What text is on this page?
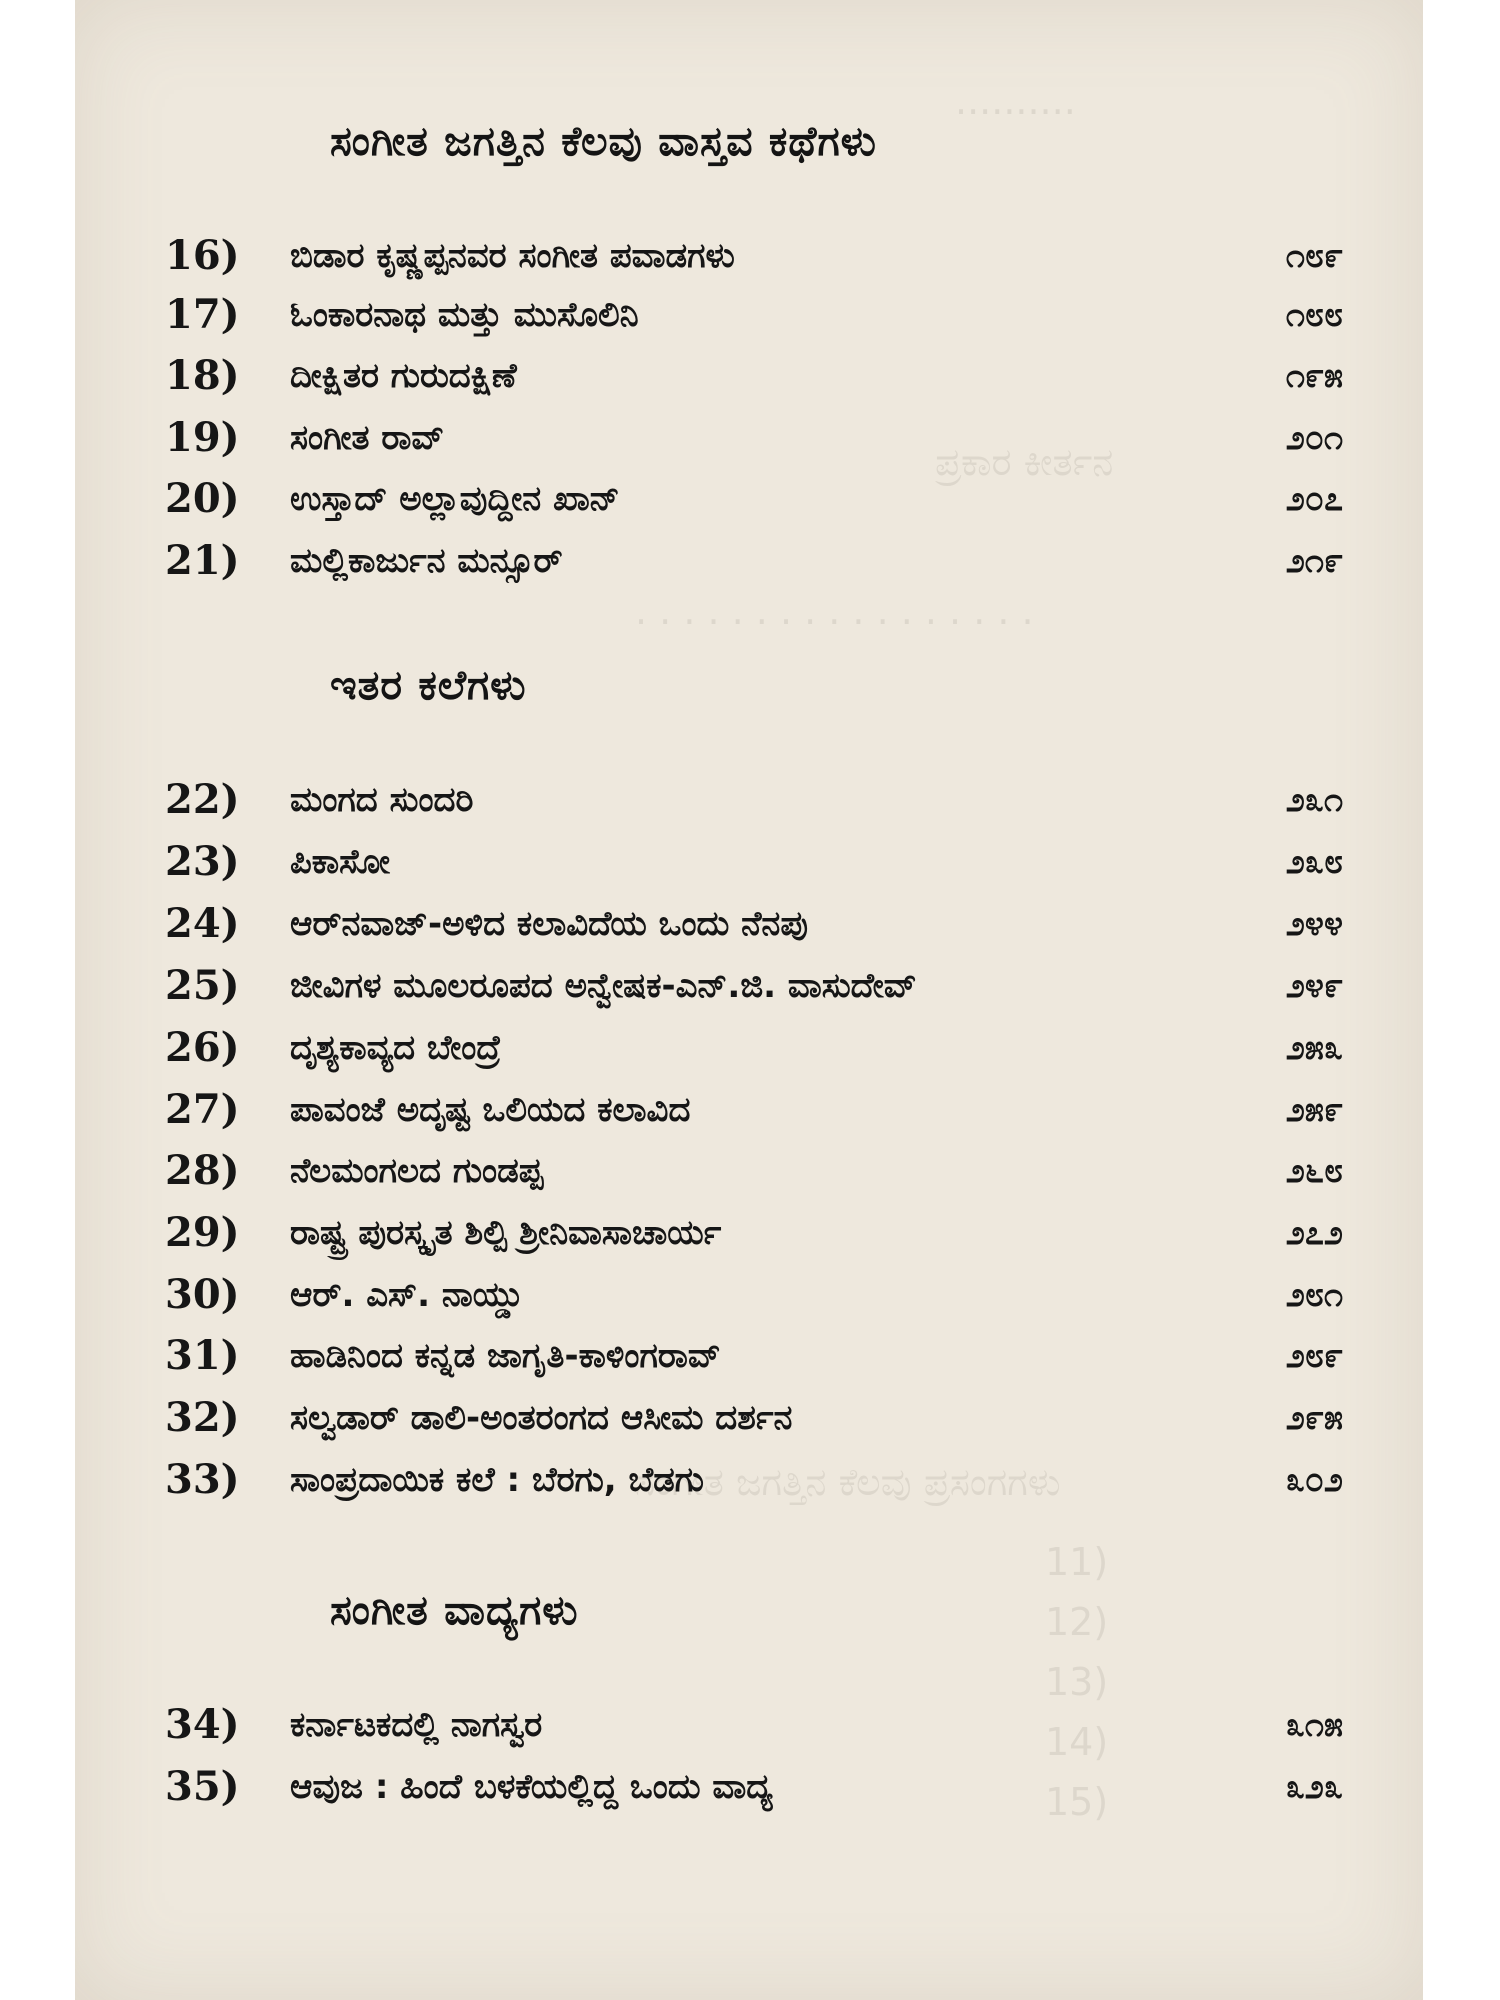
··········
ಪ್ರಕಾರ ಕೀರ್ತನ
· · · · · · · · · · · · · · · · ·
ಸಂಗೀತ ಜಗತ್ತಿನ ಕೆಲವು ಪ್ರಸಂಗಗಳು
11)
12)
13)
14)
15)
ಸಂಗೀತ ಜಗತ್ತಿನ ಕೆಲವು ವಾಸ್ತವ ಕಥೆಗಳು
16)	ಬಿಡಾರ ಕೃಷ್ಣಪ್ಪನವರ ಸಂಗೀತ ಪವಾಡಗಳು	೧೮೯
17)	ಓಂಕಾರನಾಥ ಮತ್ತು ಮುಸೊಲಿನಿ	೧೮೮
18)	ದೀಕ್ಷಿತರ ಗುರುದಕ್ಷಿಣೆ	೧೯೫
19)	ಸಂಗೀತ ರಾವ್	೨೦೧
20)	ಉಸ್ತಾದ್ ಅಲ್ಲಾವುದ್ದೀನ ಖಾನ್	೨೦೭
21)	ಮಲ್ಲಿಕಾರ್ಜುನ ಮನ್ಸೂರ್	೨೧೯
ಇತರ ಕಲೆಗಳು
22)	ಮಂಗದ ಸುಂದರಿ	೨೩೧
23)	ಪಿಕಾಸೋ	೨೩೮
24)	ಆರ್‌ನವಾಜ್-ಅಳಿದ ಕಲಾವಿದೆಯ ಒಂದು ನೆನಪು	೨೪೪
25)	ಜೀವಿಗಳ ಮೂಲರೂಪದ ಅನ್ವೇಷಕ-ಎನ್.ಜಿ. ವಾಸುದೇವ್	೨೪೯
26)	ದೃಶ್ಯಕಾವ್ಯದ ಬೇಂದ್ರೆ	೨೫೩
27)	ಪಾವಂಜೆ ಅದೃಷ್ಟ ಒಲಿಯದ ಕಲಾವಿದ	೨೫೯
28)	ನೆಲಮಂಗಲದ ಗುಂಡಪ್ಪ	೨೬೮
29)	ರಾಷ್ಟ್ರ ಪುರಸ್ಕೃತ ಶಿಲ್ಪಿ ಶ್ರೀನಿವಾಸಾಚಾರ್ಯ	೨೭೨
30)	ಆರ್. ಎಸ್. ನಾಯ್ಡು	೨೮೧
31)	ಹಾಡಿನಿಂದ ಕನ್ನಡ ಜಾಗೃತಿ-ಕಾಳಿಂಗರಾವ್	೨೮೯
32)	ಸಲ್ವಡಾರ್ ಡಾಲಿ-ಅಂತರಂಗದ ಆಸೀಮ ದರ್ಶನ	೨೯೫
33)	ಸಾಂಪ್ರದಾಯಿಕ ಕಲೆ : ಬೆರಗು, ಬೆಡಗು	೩೦೨
ಸಂಗೀತ ವಾದ್ಯಗಳು
34)	ಕರ್ನಾಟಕದಲ್ಲಿ ನಾಗಸ್ವರ	೩೧೫
35)	ಆವುಜ : ಹಿಂದೆ ಬಳಕೆಯಲ್ಲಿದ್ದ ಒಂದು ವಾದ್ಯ	೩೨೩
